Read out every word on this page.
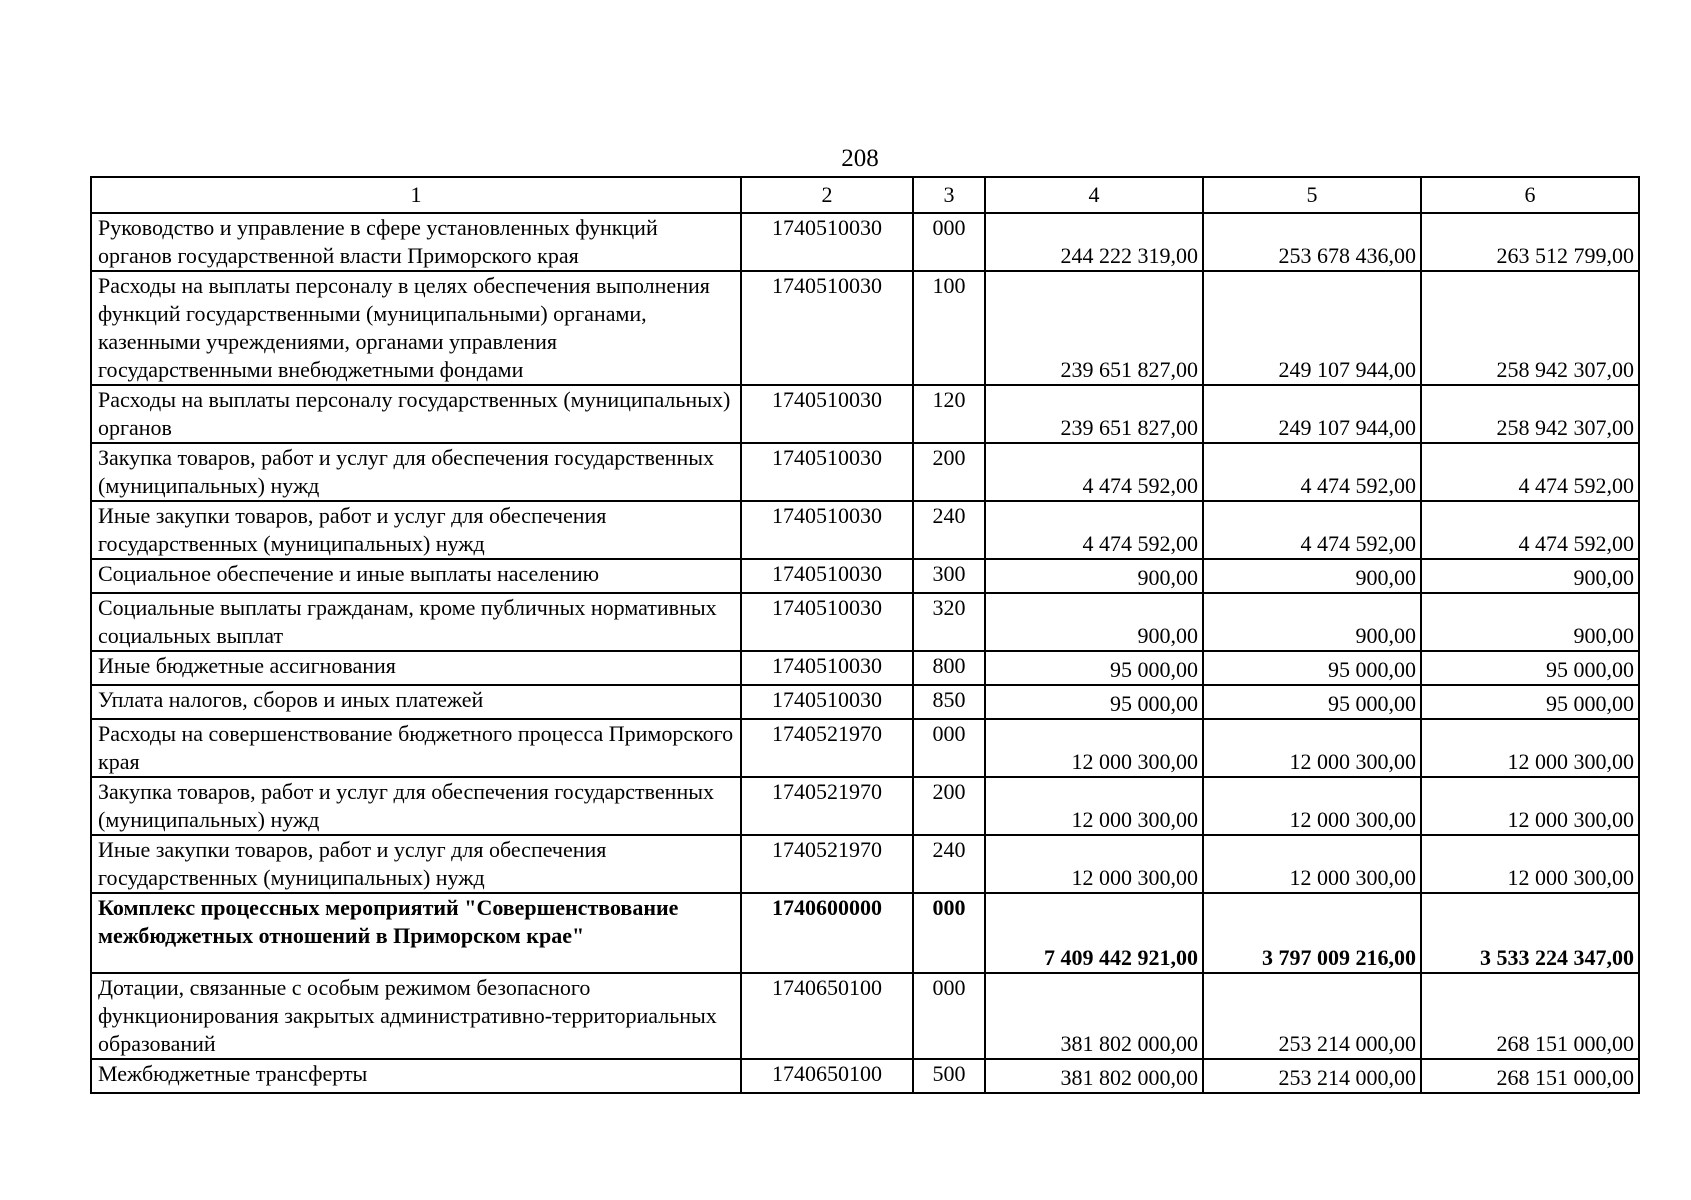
208
1	2	3	4	5	6
Руководство и управление в сфере установленных функций органов государственной власти Приморского края	1740510030	000	244 222 319,00	253 678 436,00	263 512 799,00
Расходы на выплаты персоналу в целях обеспечения выполнения функций государственными (муниципальными) органами, казенными учреждениями, органами управления государственными внебюджетными фондами	1740510030	100	239 651 827,00	249 107 944,00	258 942 307,00
Расходы на выплаты персоналу государственных (муниципальных) органов	1740510030	120	239 651 827,00	249 107 944,00	258 942 307,00
Закупка товаров, работ и услуг для обеспечения государственных (муниципальных) нужд	1740510030	200	4 474 592,00	4 474 592,00	4 474 592,00
Иные закупки товаров, работ и услуг для обеспечения государственных (муниципальных) нужд	1740510030	240	4 474 592,00	4 474 592,00	4 474 592,00
Социальное обеспечение и иные выплаты населению	1740510030	300	900,00	900,00	900,00
Социальные выплаты гражданам, кроме публичных нормативных социальных выплат	1740510030	320	900,00	900,00	900,00
Иные бюджетные ассигнования	1740510030	800	95 000,00	95 000,00	95 000,00
Уплата налогов, сборов и иных платежей	1740510030	850	95 000,00	95 000,00	95 000,00
Расходы на совершенствование бюджетного процесса Приморского края	1740521970	000	12 000 300,00	12 000 300,00	12 000 300,00
Закупка товаров, работ и услуг для обеспечения государственных (муниципальных) нужд	1740521970	200	12 000 300,00	12 000 300,00	12 000 300,00
Иные закупки товаров, работ и услуг для обеспечения государственных (муниципальных) нужд	1740521970	240	12 000 300,00	12 000 300,00	12 000 300,00
Комплекс процессных мероприятий "Совершенствование межбюджетных отношений в Приморском крае"	1740600000	000	7 409 442 921,00	3 797 009 216,00	3 533 224 347,00
Дотации, связанные с особым режимом безопасного функционирования закрытых административно-территориальных образований	1740650100	000	381 802 000,00	253 214 000,00	268 151 000,00
Межбюджетные трансферты	1740650100	500	381 802 000,00	253 214 000,00	268 151 000,00
